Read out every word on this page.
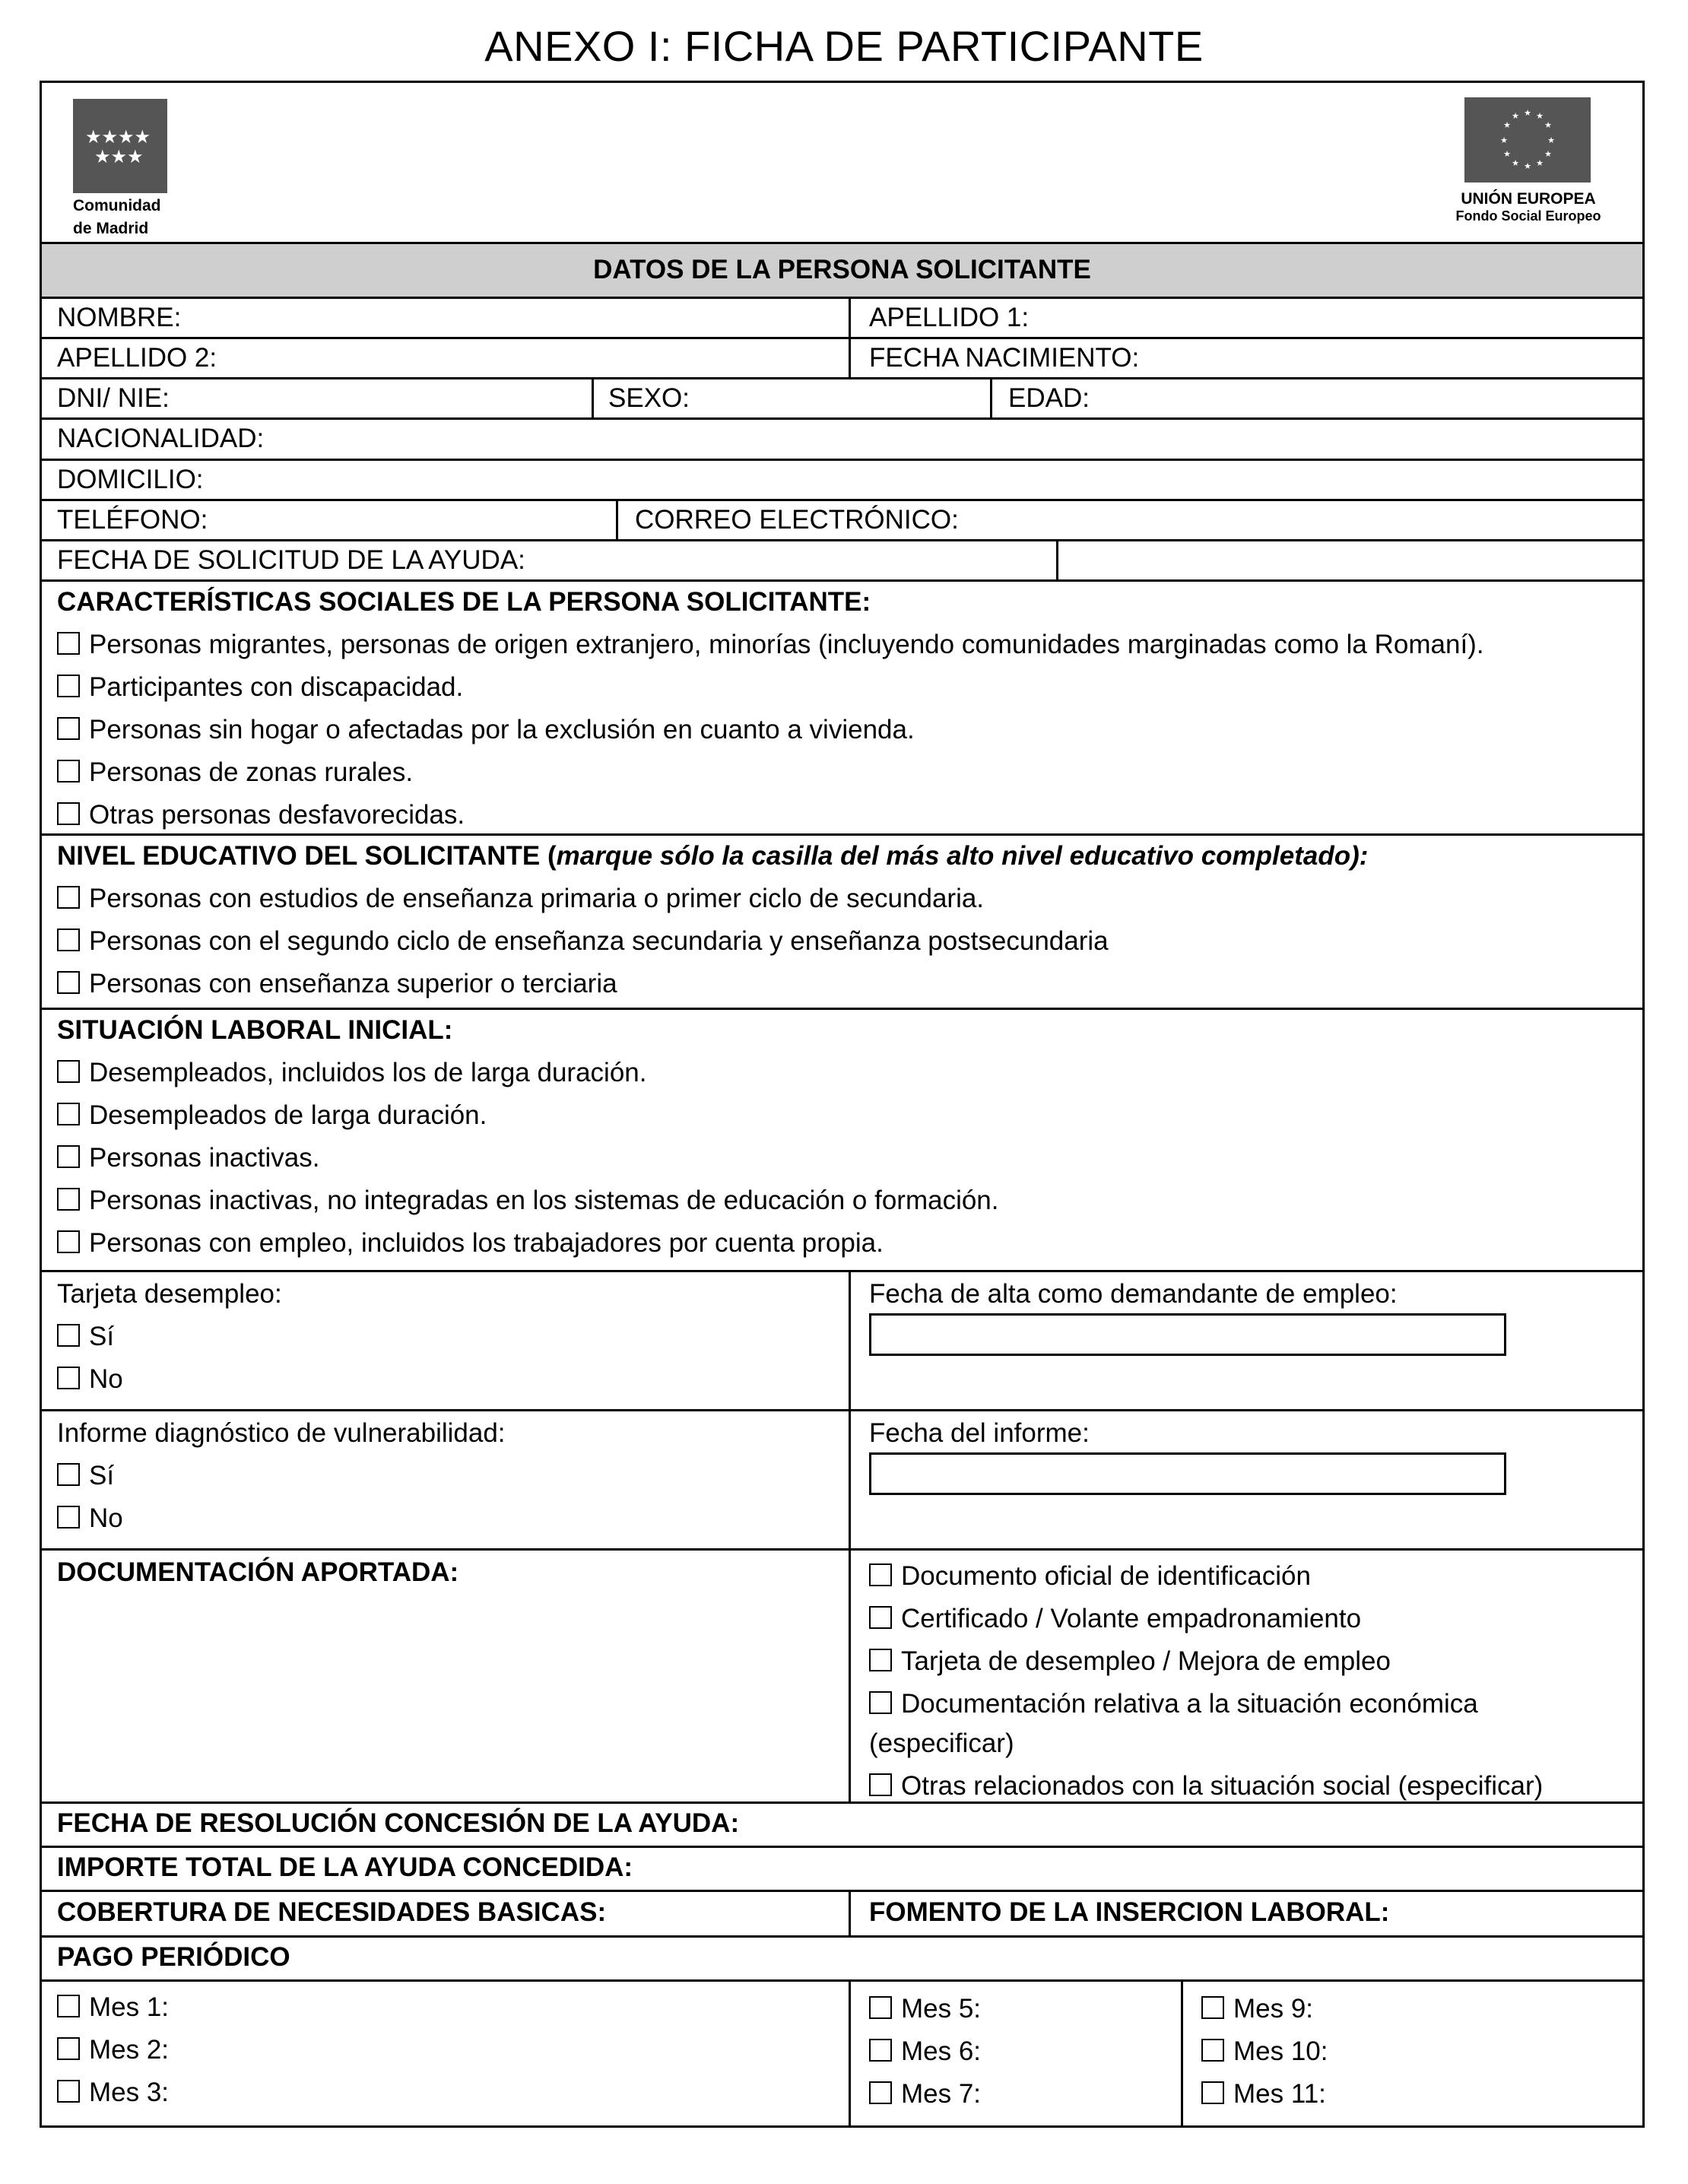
ANEXO I: FICHA DE PARTICIPANTE
★★★★
★★★
Comunidad
de Madrid
★ ★
★
★
★
★
★
★
★
★
★
★
UNIÓN EUROPEA
Fondo Social Europeo
DATOS DE LA PERSONA SOLICITANTE
NOMBRE:	APELLIDO 1:
APELLIDO 2:	FECHA NACIMIENTO:
DNI/ NIE:	SEXO:	EDAD:
NACIONALIDAD:
DOMICILIO:
TELÉFONO:	CORREO ELECTRÓNICO:
FECHA DE SOLICITUD DE LA AYUDA:
CARACTERÍSTICAS SOCIALES DE LA PERSONA SOLICITANTE:
Personas migrantes, personas de origen extranjero, minorías (incluyendo comunidades marginadas como la Romaní).
Participantes con discapacidad.
Personas sin hogar o afectadas por la exclusión en cuanto a vivienda.
Personas de zonas rurales.
Otras personas desfavorecidas.
NIVEL EDUCATIVO DEL SOLICITANTE (marque sólo la casilla del más alto nivel educativo completado):
Personas con estudios de enseñanza primaria o primer ciclo de secundaria.
Personas con el segundo ciclo de enseñanza secundaria y enseñanza postsecundaria
Personas con enseñanza superior o terciaria
SITUACIÓN LABORAL INICIAL:
Desempleados, incluidos los de larga duración.
Desempleados de larga duración.
Personas inactivas.
Personas inactivas, no integradas en los sistemas de educación o formación.
Personas con empleo, incluidos los trabajadores por cuenta propia.
Tarjeta desempleo:
Sí
No
Fecha de alta como demandante de empleo:
Informe diagnóstico de vulnerabilidad:
Sí
No
Fecha del informe:
DOCUMENTACIÓN APORTADA:	Documento oficial de identificación
Certificado / Volante empadronamiento
Tarjeta de desempleo / Mejora de empleo
Documentación relativa a la situación económica
(especificar)
Otras relacionados con la situación social (especificar)
FECHA DE RESOLUCIÓN CONCESIÓN DE LA AYUDA:
IMPORTE TOTAL DE LA AYUDA CONCEDIDA:
COBERTURA DE NECESIDADES BASICAS:	FOMENTO DE LA INSERCION LABORAL:
PAGO PERIÓDICO
Mes 1:
Mes 2:
Mes 3:
Mes 5:
Mes 6:
Mes 7:
Mes 9:
Mes 10:
Mes 11:
